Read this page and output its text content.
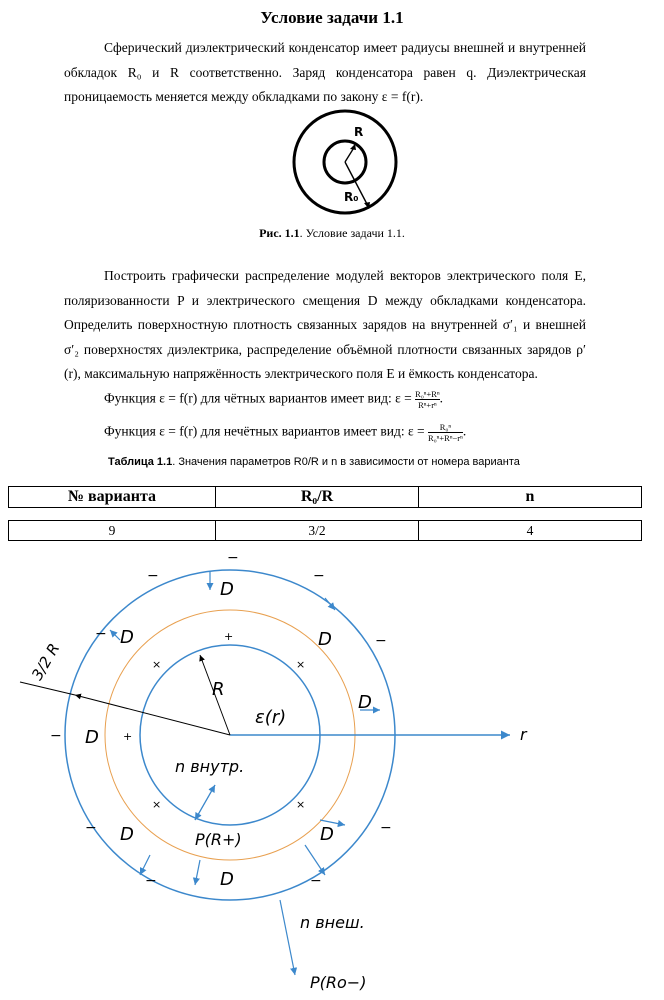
Условие задачи 1.1
Сферический диэлектрический конденсатор имеет радиусы внешней и внутренней обкладок R₀ и R соответственно. Заряд конденсатора равен q. Диэлектрическая проницаемость меняется между обкладками по закону ε = f(r).
R
R₀
Рис. 1.1. Условие задачи 1.1.
Построить графически распределение модулей векторов электрического поля E, поляризованности P и электрического смещения D между обкладками конденсатора. Определить поверхностную плотность связанных зарядов на внутренней σ′₁ и внешней σ′₂ поверхностях диэлектрика, распределение объёмной плотности связанных зарядов ρ′(r), максимальную напряжённость электрического поля E и ёмкость конденсатора.
Функция ε = f(r) для чётных вариантов имеет вид: $\varepsilon = \frac{\text{R₀ⁿ+Rⁿ}}{\text{Rⁿ+rⁿ}}$ .
Функция ε = f(r) для нечётных вариантов имеет вид: $\varepsilon = \frac{\text{R₀ⁿ}}{\text{R₀ⁿ+Rⁿ−rⁿ}}$ .
Таблица 1.1. Значения параметров R0/R и n в зависимости от номера варианта
№ варианта	R₀/R	n
9	3/2	4
D
D	D
D
D
D	D
D
R
3/2 R
ε(r)
r
n внутр.
P(R+)
n внеш.
P(Ro−)
−
−	−
−	−
−
−	−
−	−
+
+
×	×
×	×
